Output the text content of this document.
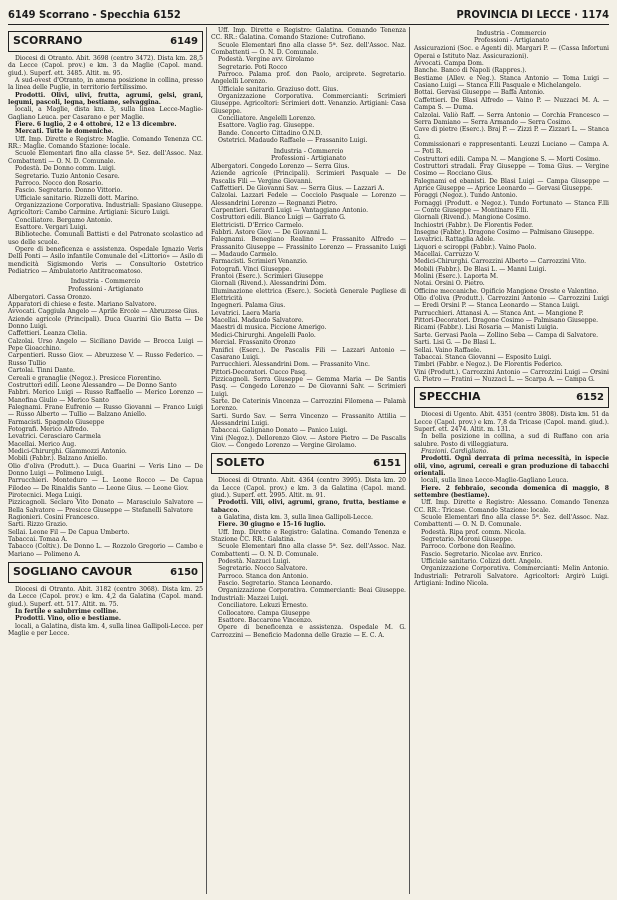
6149 Scorrano - Specchia 6152	PROVINCIA DI LECCE · 1174
SCORRANO	6149

Diocesi di Otranto. Abit. 3698 (centro 3472). Dista km. 28,5 da Lecce (Capol. prov.) e km. 3 da Maglie (Capol. mand. giud.). Superf. ett. 3485. Altit. m. 95.

A sud-ovest d'Otranto, in amena posizione in collina, presso la linea delle Puglie, in territorio fertilissimo.

Prodotti. Olivi, ulivi, frutta, agrumi, gelsi, grani, legumi, pascoli, legna, bestiame, selvaggina.

locali, a Maglie, dista km. 3, sulla linea Lecce-Maglie-Gagliano Leuca. per Casarano e per Maglie.

Fiere. 6 luglio, 2 e 4 ottobre, 12 e 13 dicembre.

Mercati. Tutte le domeniche.

Uff. Imp. Dirette e Registro: Maglie. Comando Tenenza CC. RR.: Maglie. Comando Stazione: locale.

Scuole Elementari fino alla classe 5ª. Sez. dell'Assoc. Naz. Combattenti — O. N. D. Comunale.

Podestà. De Donno comm. Luigi.

Segretario. Tuzio Antonio Cesare.

Parroco. Nocco don Rosario.

Fascio. Segretario. Donno Vittorio.

Ufficiale sanitario. Rizzelli dott. Marino.

Organizzazione Corporativa. Industriali: Spasiano Giuseppe. Agricoltori: Cambo Carmine. Artigiani: Sicuro Luigi.

Conciliatore. Bergamo Antonio.

Esattore. Vergari Luigi.

Biblioteche. Comunali Battisti e del Patronato scolastico ad uso delle scuole.

Opere di beneficenza e assistenza. Ospedale Ignazio Veris Delli Ponti — Asilo infantile Comunale del «Littorio» — Asilo di mendicità Sigismondo Veris — Consultorio Ostetrico Pediatrico — Ambulatorio Antitracomatoso.

Industria - Commercio
Professioni - Artigianato

Albergatori. Cassa Oronzo.

Apparatori di chiese e feste. Mariano Salvatore.

Avvocati. Caggiula Angelo — Aprile Ercole — Abruzzese Gius.

Aziende agricole (Principali). Duca Guarini Gio Batta — De Donno Luigi.

Caffettieri. Leanza Clelia.

Calzolai. Urso Angelo — Siciliano Davide — Brocca Luigi — Pepe Gioacchino.

Carpentieri. Russo Giov. — Abruzzese V. — Russo Federico. — Russo Tullio

Cartolai. Tinni Dante.

Cereali e granaglie (Negoz.). Presicce Fiorentino.

Costruttori edili. Leone Alessandro — De Donno Santo

Fabbri. Merico Luigi — Russo Raffaello — Merico Lorenzo — Manofina Giulio — Merico Santo

Falegnami. Frane Eufrenio — Russo Giovanni — Franco Luigi — Russo Alberto — Tullio — Balzano Aniello.

Farmacisti. Spagnolo Giuseppe

Fotografi. Merico Alfredo.

Levatrici. Cerasciaro Carmela

Macellai. Merico Aug.

Medici-Chirurghi. Giammozzi Antonio.

Mobili (Fabbr.). Balzano Aniello.

Olio d'oliva (Produtt.). — Duca Guarini — Veris Lino — De Donno Luigi — Polimeno Luigi.

Parrucchieri. Monteduro — L. Leone Rocco — De Capua Filodeo — De Rinaldis Santo — Leone Gius. — Leone Giov.

Pirotecnici. Mega Luigi.

Pizzicagnoli. Seclaro Vito Donato — Marasciulo Salvatore — Bella Salvatore — Presicce Giuseppe — Stefanelli Salvatore

Ragionieri. Cosini Francesco.

Sarti. Rizzo Grazio.

Sellai. Leone Fil — De Capua Umberto.

Tabaccai. Tomaa A.

Tabacco (Coltiv.). De Donno L. — Rozzolo Gregorio — Cambo e Mariano — Polimeno A.

SOGLIANO CAVOUR	6150

Diocesi di Otranto. Abit. 3182 (centro 3068). Dista km. 25 da Lecce (Capol. prov.) e km. 4,2 da Galatina (Capol. mand. giud.). Superf. ett. 517. Altit. m. 75.

In fertile e salubrrime colline.

Prodotti. Vino, olio e bestiame.

locali, a Galatina, dista km. 4, sulla linea Gallipoli-Lecce. per Maglie e per Lecce.

Uff. Imp. Dirette e Registro: Galatina. Comando Tenenza CC. RR.: Galatina. Comando Stazione: Cutrofiano.

Scuole Elementari fino alla classe 5ª. Sez. dell'Assoc. Naz. Combattenti — O. N. D. Comunale.

Podestà. Vergine avv. Girolamo

Segretario. Poti Rocco

Parroco. Palama prof. don Paolo, arciprete. Segretario. Angelelli Lorenzo.

Ufficiale sanitario. Graziuso dott. Gius.

Organizzazione Corporativa. Commercianti: Scrimieri Giuseppe. Agricoltori: Scrimieri dott. Venanzio. Artigiani: Casa Giuseppe.

Conciliatore. Angelelli Lorenzo.

Esattore. Vaglio rag. Giuseppe.

Bande. Concerto Cittadino O.N.D.

Ostetrici. Madaudo Raffaele — Frassanito Luigi.

Industria - Commercio
Professioni - Artigianato

Albergatori. Congedo Lorenzo — Serra Gius.

Aziende agricole (Principali). Scrimieri Pasquale — De Pascalis Fili — Vergine Giovanni.

Caffettieri. De Giovanni Sav. — Serra Gius. — Lazzari A.

Calzolai. Lazzari Fedele — Cocciolo Pasquale — Lorenzo — Alessandrini Lorenzo — Regnanzi Pietro.

Carpentieri. Gerardi Luigi — Vantaggiano Antonio.

Costruttori edili. Bianco Luigi — Garrato G.

Elettricisti. D'Errico Carmelo.

Fabbri. Astore Giov. — De Giovanni L.

Falegnami. Benegiano Realino — Frassanito Alfredo — Frassanito Giuseppe — Frassinito Lorenzo — Frassanito Luigi — Madaudo Carmelo.

Farmacisti. Scrimieri Venanzio.

Fotografi. Vinci Giuseppe.

Frantoi (Eserc.). Scrimieri Giuseppe

Giornali (Rivend.). Alessandrini Dom.

Illuminazione elettrica (Eserc.). Società Generale Pugliese di Elettricità

Ingegneri. Palama Gius.

Levatrici. Laera Maria

Macellai. Madaudo Salvatore.

Maestri di musica. Piccione Amerigo.

Medici-Chirurghi. Angelelli Paolo.

Mercial. Frassanito Oronzo

Panifici (Eserc.). De Pascalis Fili — Lazzari Antonio — Casarano Luigi.

Parrucchieri. Alessandrini Dom. — Frassanito Vinc.

Pittori-Decoratori. Cucco Pasq.

Pizzicagnoli. Serra Giuseppe — Gemma Maria — De Santis Pasq. — Congedo Lorenzo — De Giovanni Salv. — Scrimieri Luigi.

Sarte. De Caterinis Vincenza — Carrozzini Filomena — Palamà Lorenzo.

Sarti. Surdo Sav. — Serra Vincenzo — Frassanito Attilia — Alessandrini Luigi.

Tabaccai. Galignano Donato — Panico Luigi.

Vini (Negoz.). Dellorenzo Giov. — Astore Pietro — De Pascalis Giov. — Congedo Lorenzo — Vergine Girolamo.

SOLETO	6151

Diocesi di Otranto. Abit. 4364 (centro 3995). Dista km. 20 da Lecce (Capol. prov.) e km. 3 da Galatina (Capol. mand. giud.). Superf. ett. 2995. Altit. m. 91.

Prodotti. Vili, olivi, agrumi, grano, frutta, bestiame e tabacco.

a Galatina, dista km. 3, sulla linea Gallipoli-Lecce.

Fiere. 30 giugno e 15-16 luglio.

Uff. Imp. Dirette e Registro: Galatina. Comando Tenenza e Stazione CC. RR.: Galatina.

Scuole Elementari fino alla classe 5ª. Sez. dell'Assoc. Naz. Combattenti — O. N. D. Comunale.

Podestà. Nazzuci Luigi.

Segretario. Nocco Salvatore.

Parroco. Stanca don Antonio.

Fascio. Segretario. Stanca Leonardo.

Organizzazione Corporativa. Commercianti: Beai Giuseppe. Industriali: Mazzei Luigi.

Conciliatore. Lekuzi Ernesto.

Collocatore. Campa Giuseppe

Esattore. Baccarone Vincenzo.

Opere di beneficenza e assistenza. Ospedale M. G. Carrozzini — Beneficio Madonna delle Grazie — E. C. A.

Industria - Commercio
Professioni - Artigianato

Assicurazioni (Soc. e Agenti di). Margari P. — (Cassa Infortuni Operai e Istituto Naz. Assicurazioni).

Avvocati. Campa Dom.

Banche. Banco di Napoli (Rappres.).

Bestiame (Allev. e Neg.). Stanca Antonio — Toma Luigi — Casiano Luigi — Stanca F.lli Pasquale e Michelangelo.

Bottai. Gervasi Giuseppe — Baffa Antonio.

Caffettieri. De Blasi Alfredo — Vaino P. — Nuzzaci M. A. — Campa S. — Duma.

Calzolai. Valiò Raff. — Serra Antonio — Corchia Francesco — Serra Damiano — Serra Armando — Serra Cosimo.

Cave di pietre (Eserc.). Braj P. — Zizzi P. — Zizzari L. — Stanca G.

Commissionari e rappresentanti. Leuzzi Luciano — Campa A. — Poti R.

Costruttori edili. Campa N. — Mangione S. — Morti Cosimo.

Costruttori stradali. Fray Giuseppe — Toma Gius. — Vergine Cosimo — Rocciano Gius.

Falegnami ed ebanisti. De Blasi Luigi — Campa Giuseppe — Aprice Giuseppe — Aprice Leonardo — Gervasi Giuseppe.

Foraggi (Negoz.). Tundo Antonio.

Fornaggi (Produtt. e Negoz.). Tundo Fortunato — Stanca F.lli — Conte Giuseppe — Montinaro F.lli.

Giornali (Rivend.). Mangione Cosimo.

Inchiostri (Fabbr.). De Florentis Feder.

Insegne (Fabbr.). Dragone Cosimo — Palmisano Giuseppe.

Levatrici. Rattaglia Adele.

Liquori e sciroppi (Fabbr.). Vaino Paolo.

Macellai. Carruzzo V.

Medici-Chirurghi. Carrozzini Alberto — Carrozzini Vito.

Mobili (Fabbr.). De Blasi L. — Manni Luigi.

Molini (Eserc.). Laporta M.

Notai. Orsini O. Pietro.

Officine meccaniche. Opificio Mangione Oreste e Valentino.

Olio d'oliva (Produtt.). Carrozzini Antonio — Carrozzini Luigi — Eredi Orsini P. — Stanca Leonardo — Stanca Luigi.

Parrucchieri. Attanasi A. — Stanca Ant. — Mangione P.

Pittori-Decoratori. Dragone Cosimo — Palmisano Giuseppe.

Ricami (Fabbr.). Lisi Rosaria — Manisti Luigia.

Sarte. Gervasi Paola — Zollino Seba — Campa di Salvatore.

Sarti. Lisi G. — De Blasi L.

Sellai. Vaino Raffaele.

Tabaccai. Stanca Giovanni — Esposito Luigi.

Timbri (Fabbr. e Negoz.). De Florentis Federico.

Vini (Produtt.). Carrozzini Antonio — Carrozzini Luigi — Orsini G. Pietro — Fratini — Nuzzaci L. — Scarpa A. — Campa G.

SPECCHIA	6152

Diocesi di Ugento. Abit. 4351 (centro 3808). Dista km. 51 da Lecce (Capol. prov.) e km. 7,8 da Tricase (Capol. mand. giud.). Superf. ett. 2474. Altit. m. 131.

In bella posizione in collina, a sud di Ruffano con aria salubre. Posto di villeggiatura.

Frazioni. Cardigliano.

Prodotti. Ogni derrata di prima necessità, in ispecie olii, vino, agrumi, cereali e gran produzione di tabacchi orientali.

locali, sulla linea Lecce-Maglie-Gagliano Leuca.

Fiere. 2 febbraio, seconda domenica di maggio, 8 settembre (bestiame).

Uff. Imp. Dirette e Registro: Alessano. Comando Tenenza CC. RR.: Tricase. Comando Stazione: locale.

Scuole Elementari fino alla classe 5ª. Sez. dell'Assoc. Naz. Combattenti — O. N. D. Comunale.

Podestà. Ripa prof. comm. Nicola.

Segretario. Moroni Giuseppe.

Parroco. Corbone don Realino.

Fascio. Segretario. Nicolae avv. Enrico.

Ufficiale sanitario. Colizzi dott. Angelo.

Organizzazione Corporativa. Commercianti: Melin Antonio. Industriali: Petraroli Salvatore. Agricoltori: Argirò Luigi. Artigiani: Indino Nicola.
